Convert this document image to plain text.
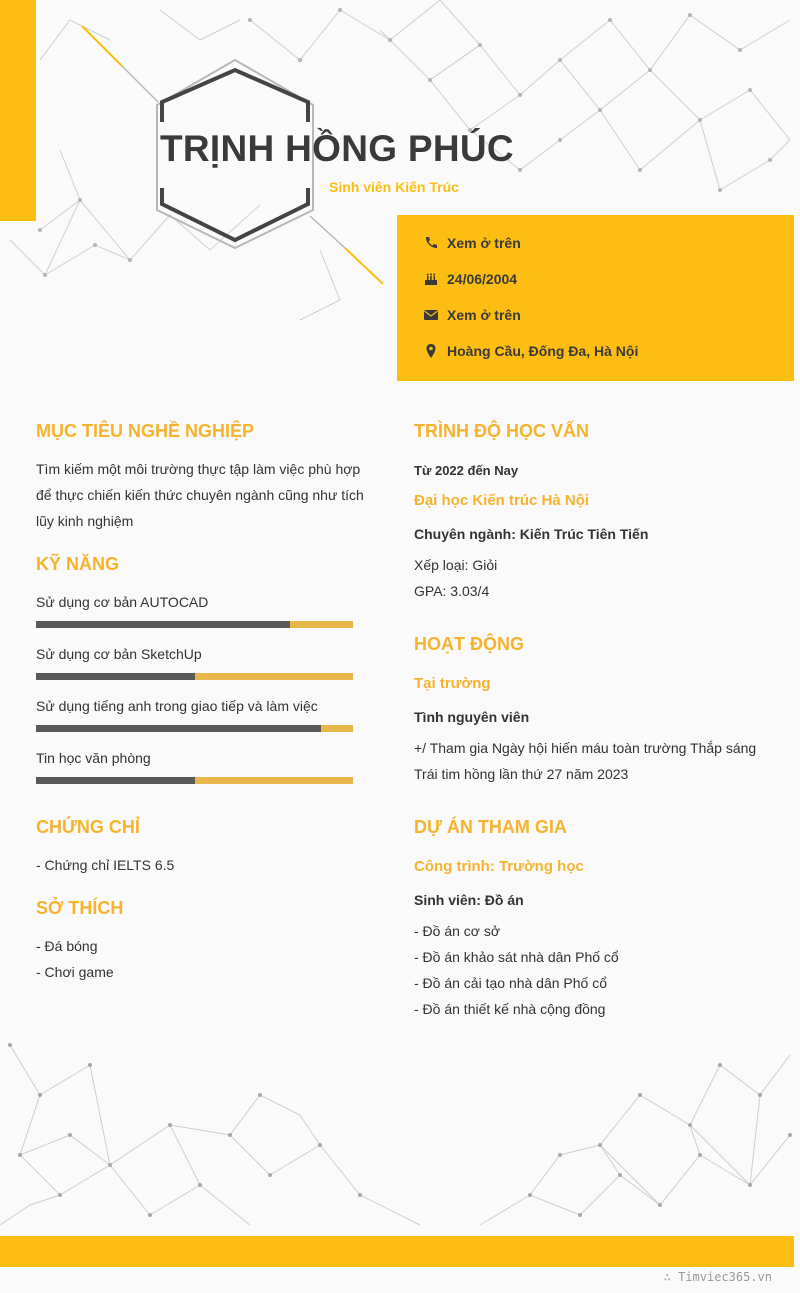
TRỊNH HỒNG PHÚC
Sinh viên Kiến Trúc
Xem ở trên
24/06/2004
Xem ở trên
Hoàng Cầu, Đống Đa, Hà Nội
MỤC TIÊU NGHỀ NGHIỆP
Tìm kiếm một môi trường thực tập làm việc phù hợp
để thực chiến kiến thức chuyên ngành cũng như tích
lũy kinh nghiệm
KỸ NĂNG
Sử dụng cơ bản AUTOCAD
Sử dụng cơ bản SketchUp
Sử dụng tiếng anh trong giao tiếp và làm việc
Tin học văn phòng
CHỨNG CHỈ
- Chứng chỉ IELTS 6.5
SỞ THÍCH
- Đá bóng
- Chơi game
TRÌNH ĐỘ HỌC VẤN
Từ 2022 đến Nay
Đại học Kiến trúc Hà Nội
Chuyên ngành: Kiến Trúc Tiên Tiến
Xếp loại: Giỏi
GPA: 3.03/4
HOẠT ĐỘNG
Tại trường
Tình nguyên viên
+/ Tham gia Ngày hội hiến máu toàn trường Thắp sáng
Trái tim hồng lần thứ 27 năm 2023
DỰ ÁN THAM GIA
Công trình: Trường học
Sinh viên: Đồ án
- Đồ án cơ sở
- Đồ án khảo sát nhà dân Phố cổ
- Đồ án cải tạo nhà dân Phố cổ
- Đồ án thiết kế nhà cộng đồng
∴ Timviec365.vn
